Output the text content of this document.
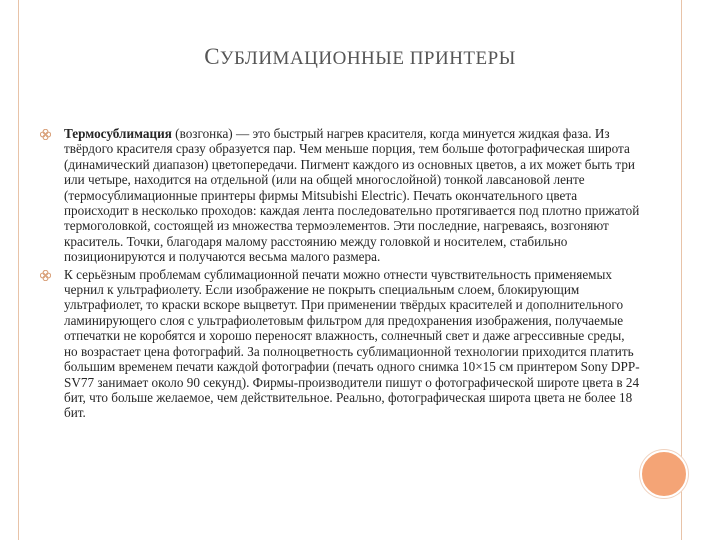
СУБЛИМАЦИОННЫЕ ПРИНТЕРЫ
Термосублимация (возгонка) — это быстрый нагрев красителя, когда минуется жидкая фаза. Из твёрдого красителя сразу образуется пар. Чем меньше порция, тем больше фотографическая широта (динамический диапазон) цветопередачи. Пигмент каждого из основных цветов, а их может быть три или четыре, находится на отдельной (или на общей многослойной) тонкой лавсановой ленте (термосублимационные принтеры фирмы Mitsubishi Electric). Печать окончательного цвета происходит в несколько проходов: каждая лента последовательно протягивается под плотно прижатой термоголовкой, состоящей из множества термоэлементов. Эти последние, нагреваясь, возгоняют краситель. Точки, благодаря малому расстоянию между головкой и носителем, стабильно позиционируются и получаются весьма малого размера.
К серьёзным проблемам сублимационной печати можно отнести чувствительность применяемых чернил к ультрафиолету. Если изображение не покрыть специальным слоем, блокирующим ультрафиолет, то краски вскоре выцветут. При применении твёрдых красителей и дополнительного ламинирующего слоя с ультрафиолетовым фильтром для предохранения изображения, получаемые отпечатки не коробятся и хорошо переносят влажность, солнечный свет и даже агрессивные среды, но возрастает цена фотографий. За полноцветность сублимационной технологии приходится платить большим временем печати каждой фотографии (печать одного снимка 10×15 см принтером Sony DPP-SV77 занимает около 90 секунд). Фирмы-производители пишут о фотографической широте цвета в 24 бит, что больше желаемое, чем действительное. Реально, фотографическая широта цвета не более 18 бит.
